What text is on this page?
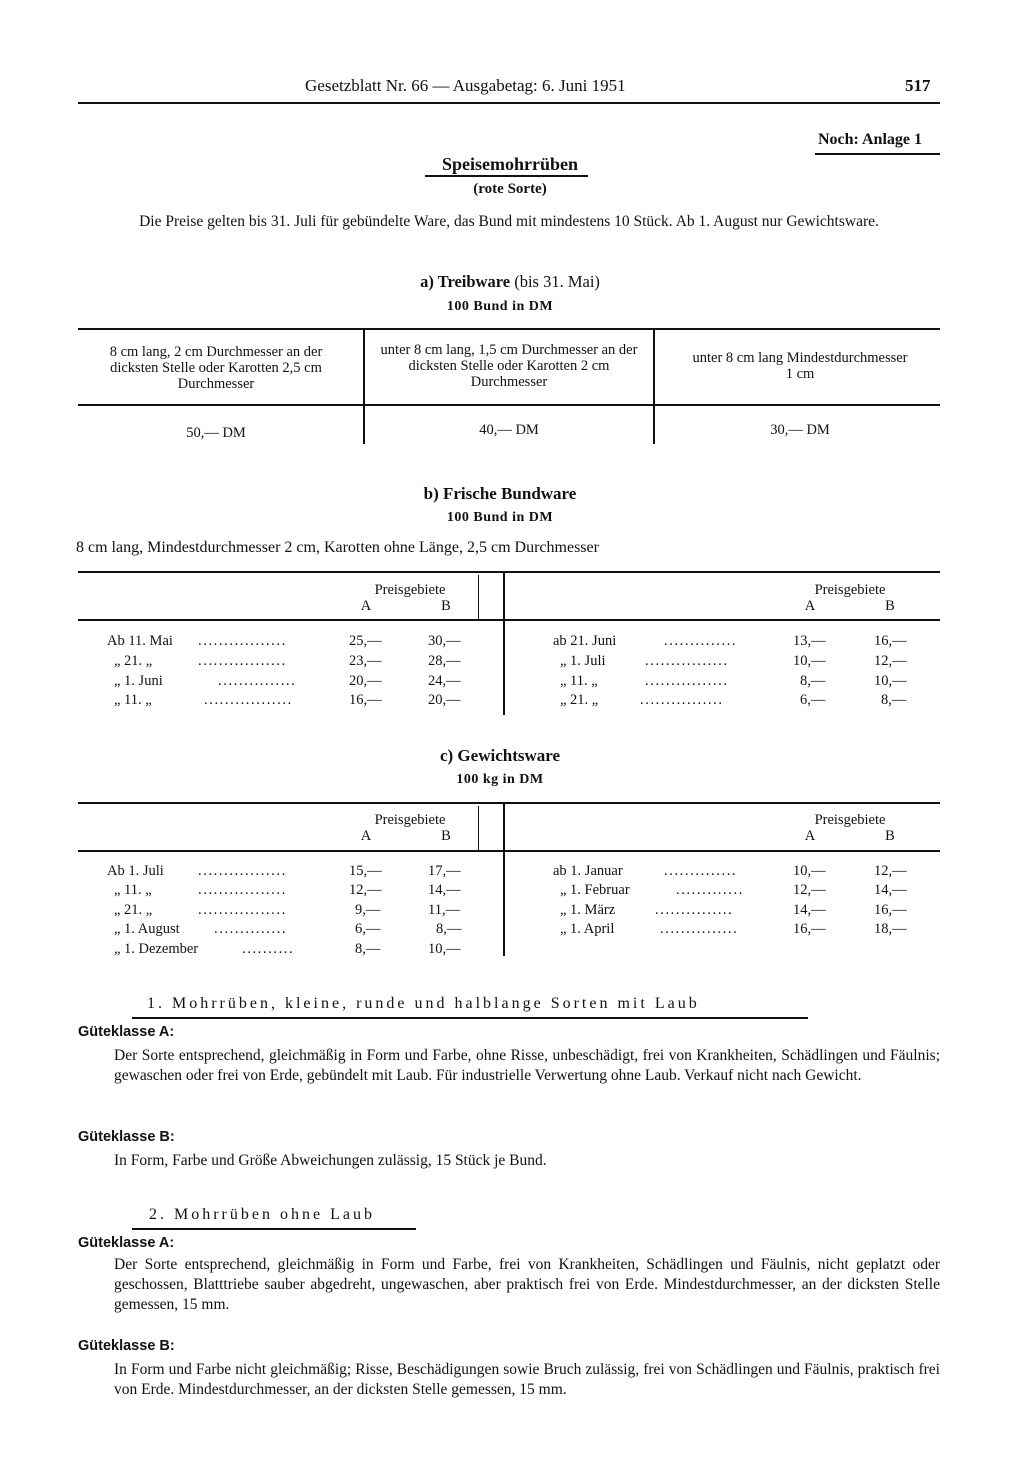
Gesetzblatt Nr. 66 — Ausgabetag: 6. Juni 1951	517
Noch: Anlage 1
Speisemohrrüben
(rote Sorte)
Die Preise gelten bis 31. Juli für gebündelte Ware, das Bund mit mindestens 10 Stück. Ab 1. August nur Gewichtsware.
a) Treibware (bis 31. Mai)
100 Bund in DM
8 cm lang, 2 cm Durchmesser an der dicksten Stelle oder Karotten 2,5 cm Durchmesser
unter 8 cm lang, 1,5 cm Durchmesser an der dicksten Stelle oder Karotten 2 cm Durchmesser
unter 8 cm lang Mindestdurchmesser 1 cm
50,— DM	40,— DM	30,— DM
b) Frische Bundware
100 Bund in DM
8 cm lang, Mindestdurchmesser 2 cm, Karotten ohne Länge, 2,5 cm Durchmesser
Preisgebiete
A	B
Preisgebiete
A	B
Ab 11. Mai .................	25,—	30,—	ab 21. Juni	..............	13,—	16,—
„ 21. „	.................	23,—	28,—	„ 1. Juli	................	10,—	12,—
„ 1. Juni	...............	20,—	24,—	„ 11. „	................	8,—	10,—
„ 11. „	.................	16,—	20,—	„ 21. „	................	6,—	8,—
c) Gewichtsware
100 kg in DM
Preisgebiete
A	B
Preisgebiete
A	B
Ab 1. Juli .................	15,—	17,—	ab 1. Januar	..............	10,—	12,—
„ 11. „	.................	12,—	14,—	„ 1. Februar	.............	12,—	14,—
„ 21. „	.................	9,—	11,—	„ 1. März	...............	14,—	16,—
„ 1. August ..............	6,—	8,—	„ 1. April	...............	16,—	18,—
„ 1. Dezember	..........	8,—	10,—
1. Mohrrüben, kleine, runde und halblange Sorten mit Laub
Güteklasse A:
Der Sorte entsprechend, gleichmäßig in Form und Farbe, ohne Risse, unbeschädigt, frei von Krankheiten, Schädlingen und Fäulnis; gewaschen oder frei von Erde, gebündelt mit Laub. Für industrielle Verwertung ohne Laub. Verkauf nicht nach Gewicht.
Güteklasse B:
In Form, Farbe und Größe Abweichungen zulässig, 15 Stück je Bund.
2. Mohrrüben ohne Laub
Güteklasse A:
Der Sorte entsprechend, gleichmäßig in Form und Farbe, frei von Krankheiten, Schädlingen und Fäulnis, nicht geplatzt oder geschossen, Blatttriebe sauber abgedreht, ungewaschen, aber praktisch frei von Erde. Mindestdurchmesser, an der dicksten Stelle gemessen, 15 mm.
Güteklasse B:
In Form und Farbe nicht gleichmäßig; Risse, Beschädigungen sowie Bruch zulässig, frei von Schädlingen und Fäulnis, praktisch frei von Erde. Mindestdurchmesser, an der dicksten Stelle gemessen, 15 mm.
